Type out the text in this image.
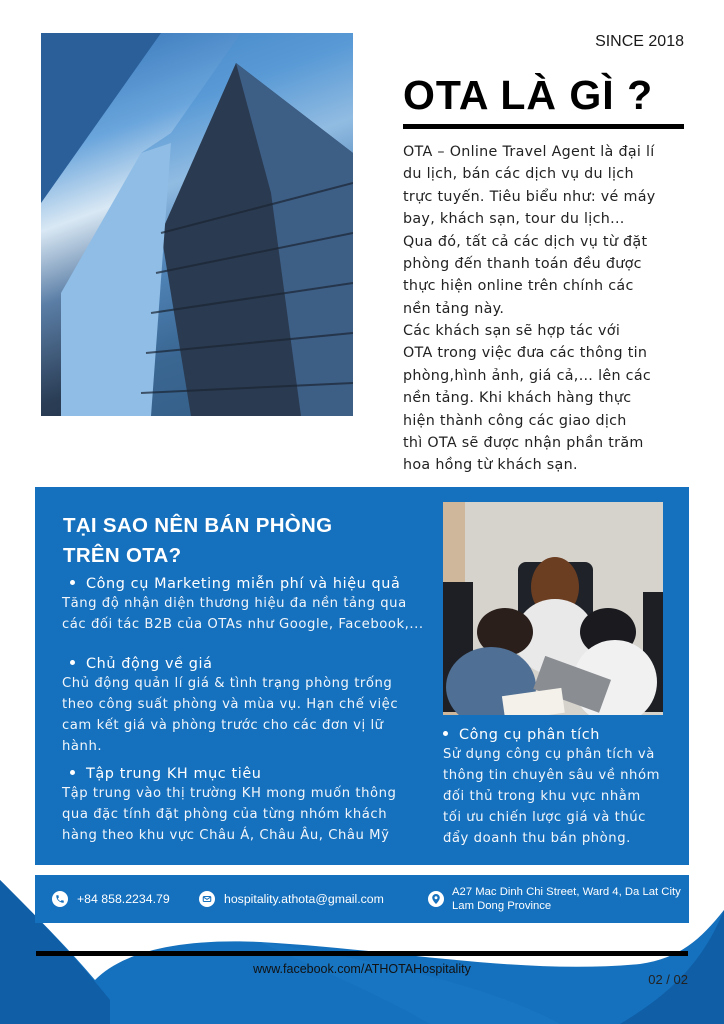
SINCE 2018
OTA LÀ GÌ ?
OTA – Online Travel Agent là đại lí
du lịch, bán các dịch vụ du lịch
trực tuyến. Tiêu biểu như: vé máy
bay, khách sạn, tour du lịch...
Qua đó, tất cả các dịch vụ từ đặt
phòng đến thanh toán đều được
thực hiện online trên chính các
nền tảng này.
Các khách sạn sẽ hợp tác với
OTA trong việc đưa các thông tin
phòng,hình ảnh, giá cả,… lên các
nền tảng. Khi khách hàng thực
hiện thành công các giao dịch
thì OTA sẽ được nhận phần trăm
hoa hồng từ khách sạn.
TẠI SAO NÊN BÁN PHÒNG
TRÊN OTA?
Công cụ Marketing miễn phí và hiệu quả
Tăng độ nhận diện thương hiệu đa nền tảng qua
các đối tác B2B của OTAs như Google, Facebook,...
Chủ động về giá
Chủ động quản lí giá & tình trạng phòng trống
theo công suất phòng và mùa vụ. Hạn chế việc
cam kết giá và phòng trước cho các đơn vị lữ
hành.
Tập trung KH mục tiêu
Tập trung vào thị trường KH mong muốn thông
qua đặc tính đặt phòng của từng nhóm khách
hàng theo khu vực Châu Á, Châu Âu, Châu Mỹ
Công cụ phân tích
Sử dụng công cụ phân tích và
thông tin chuyên sâu về nhóm
đối thủ trong khu vực nhằm
tối ưu chiến lược giá và thúc
đẩy doanh thu bán phòng.
+84 858.2234.79	hospitality.athota@gmail.com	A27 Mac Dinh Chi Street, Ward 4, Da Lat City
Lam Dong Province
www.facebook.com/ATHOTAHospitality
02 / 02
